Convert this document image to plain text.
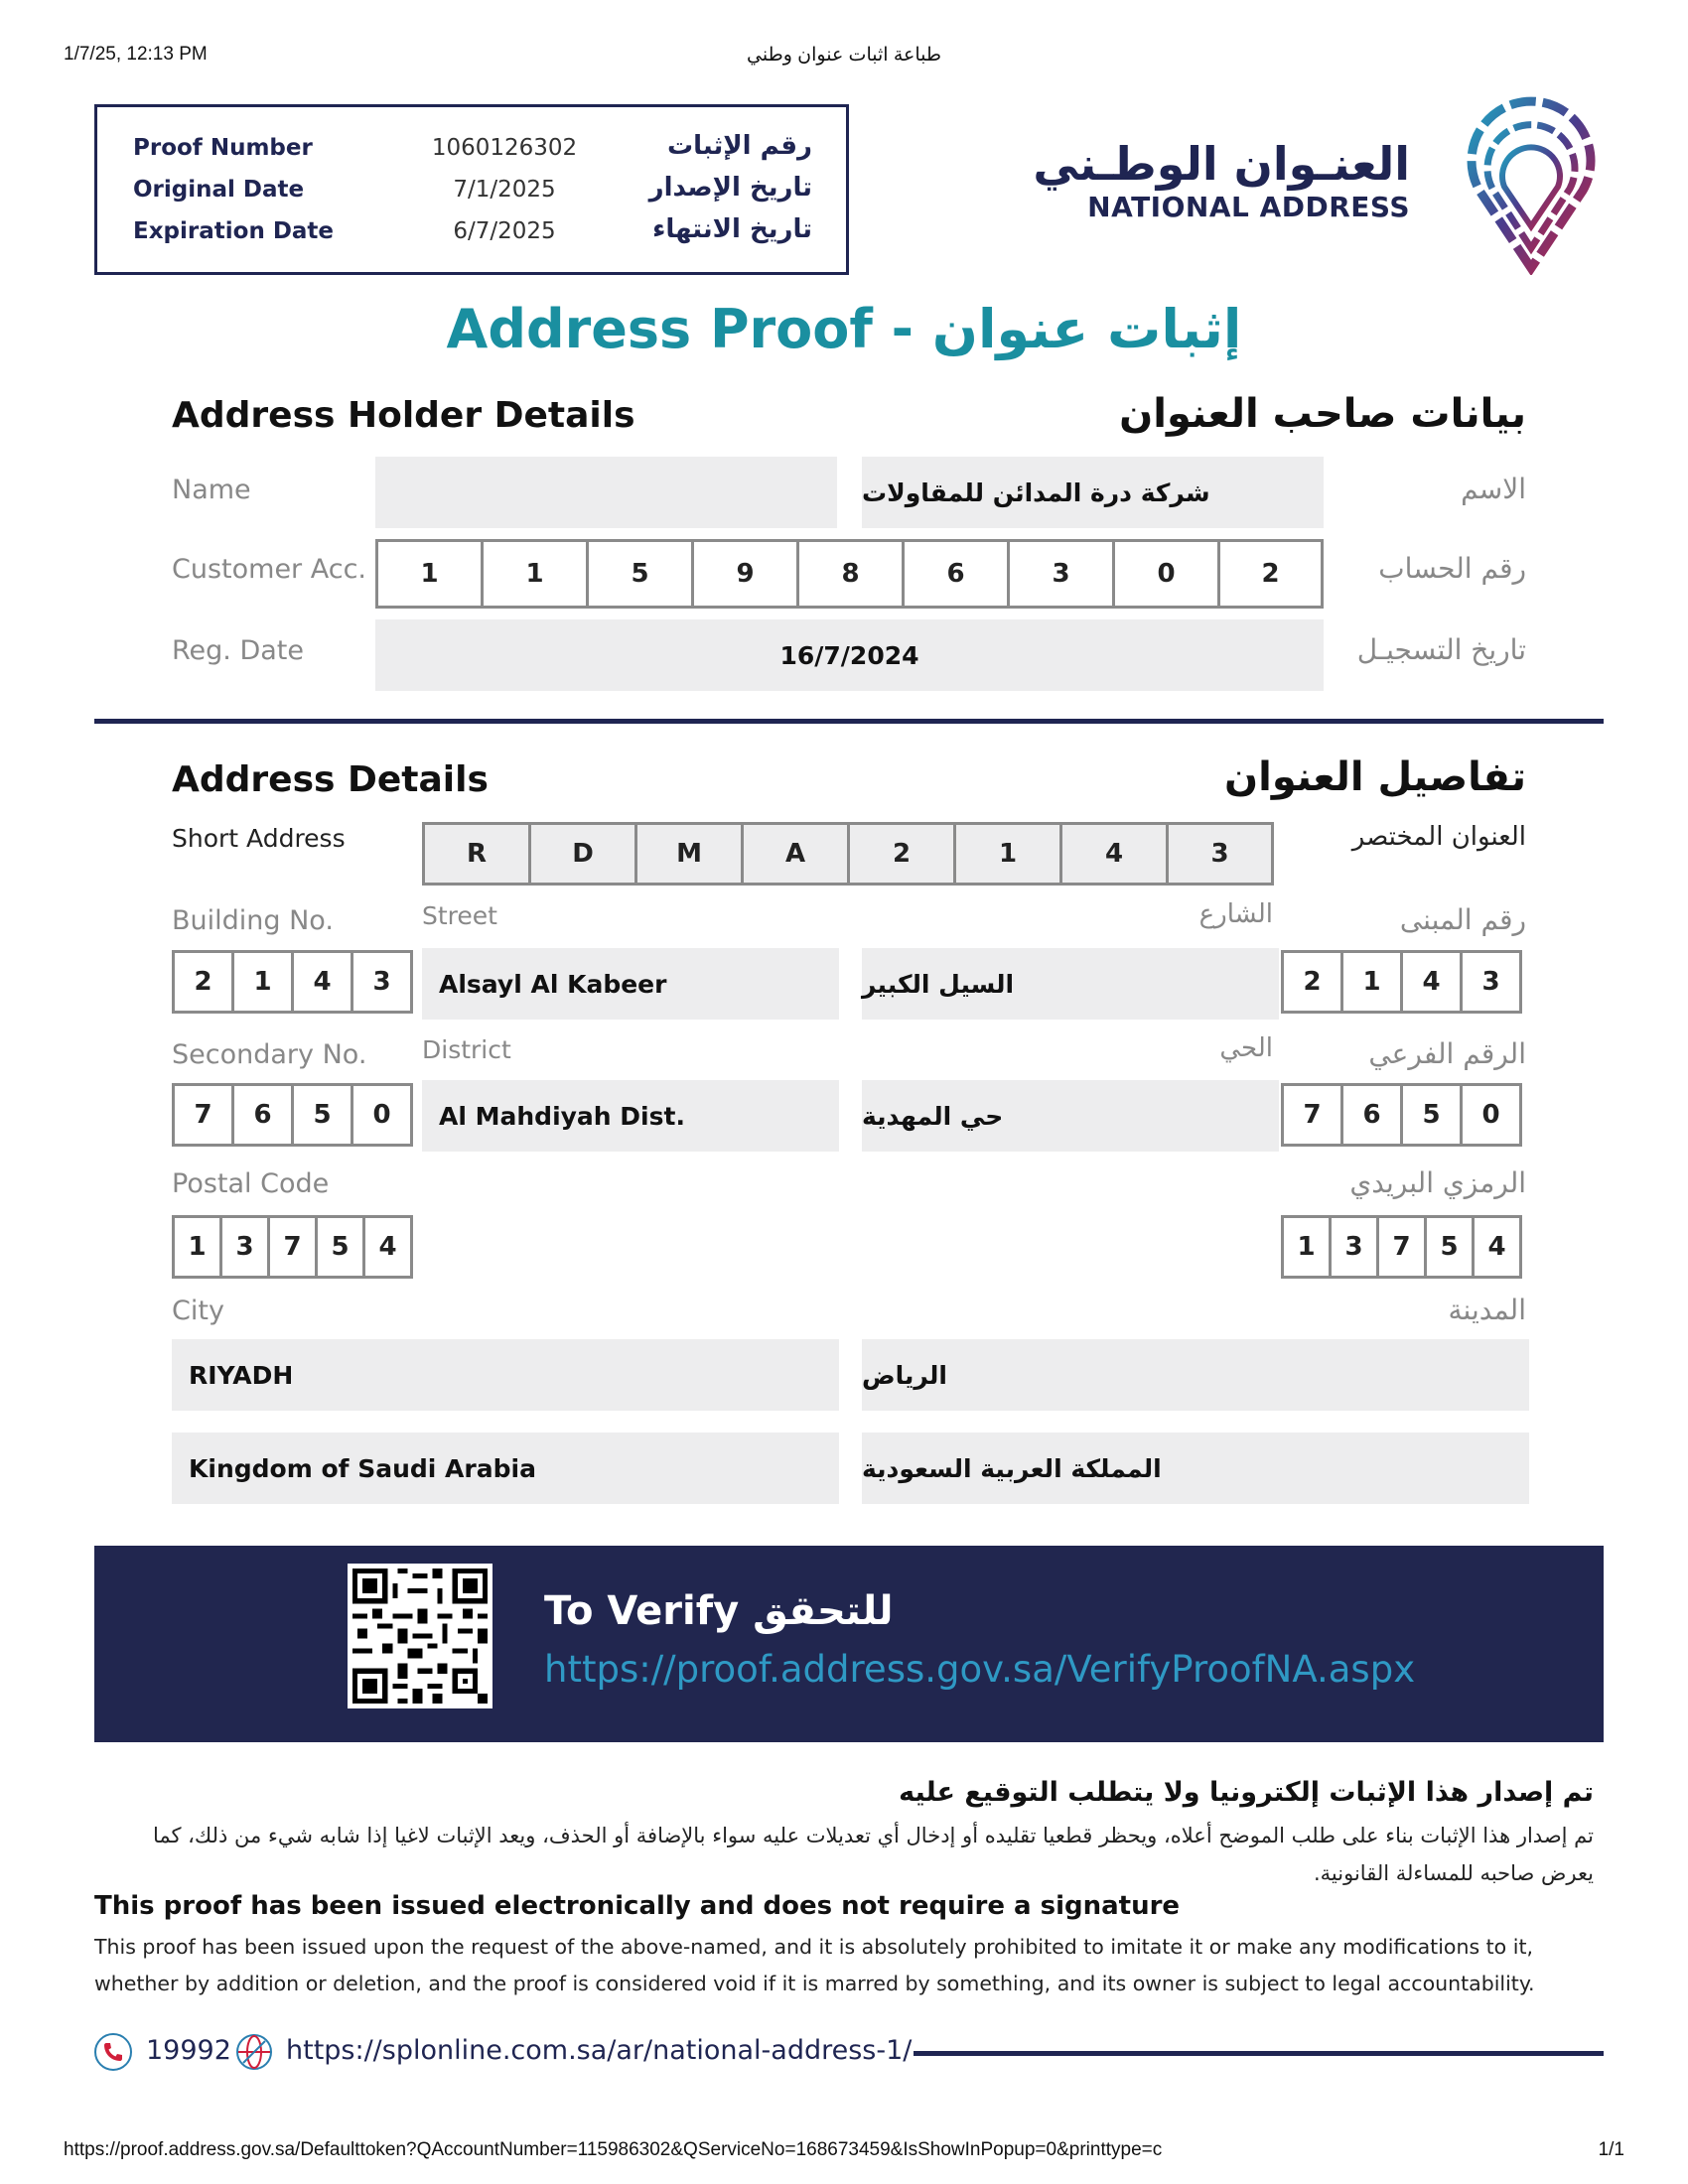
1/7/25, 12:13 PM	طباعة اثبات عنوان وطني
Proof Number	1060126302	رقم الإثبات
Original Date	7/1/2025	تاريخ الإصدار
Expiration Date	6/7/2025	تاريخ الانتهاء
العنـوان الوطـني
NATIONAL ADDRESS
Address Proof - إثبات عنوان
Address Holder Details	بيانات صاحب العنوان
Name	الاسم
شركة درة المدائن للمقاولات
Customer Acc.	رقم الحساب
1	1	5	9	8	6	3	0	2
Reg. Date	تاريخ التسجيـل
16/7/2024
Address Details	تفاصيل العنوان
Short Address	العنوان المختصر
R	D	M	A	2	1	4	3
Building No.	Street	الشارع	رقم المبنى
2	1	4	3	Alsayl Al Kabeer	السيل الكبير	2	1	4	3
Secondary No. District	الحي	الرقم الفرعي
7	6	5	0	Al Mahdiyah Dist.	حي المهدية	7	6	5	0
Postal Code	الرمزي البريدي
1	3	7	5	4	1	3	7	5	4
City	المدينة
RIYADH	الرياض
Kingdom of Saudi Arabia	المملكة العربية السعودية
To Verify للتحقق
https://proof.address.gov.sa/VerifyProofNA.aspx
تم إصدار هذا الإثبات إلكترونيا ولا يتطلب التوقيع عليه
تم إصدار هذا الإثبات بناء على طلب الموضح أعلاه، ويحظر قطعيا تقليده أو إدخال أي تعديلات عليه سواء بالإضافة أو الحذف، ويعد الإثبات لاغيا إذا شابه شيء من ذلك، كما يعرض صاحبه للمساءلة القانونية.
This proof has been issued electronically and does not require a signature
This proof has been issued upon the request of the above-named, and it is absolutely prohibited to imitate it or make any modifications to it, whether by addition or deletion, and the proof is considered void if it is marred by something, and its owner is subject to legal accountability.
19992 https://splonline.com.sa/ar/national-address-1/
https://proof.address.gov.sa/Defaulttoken?QAccountNumber=115986302&QServiceNo=168673459&IsShowInPopup=0&printtype=c	1/1
